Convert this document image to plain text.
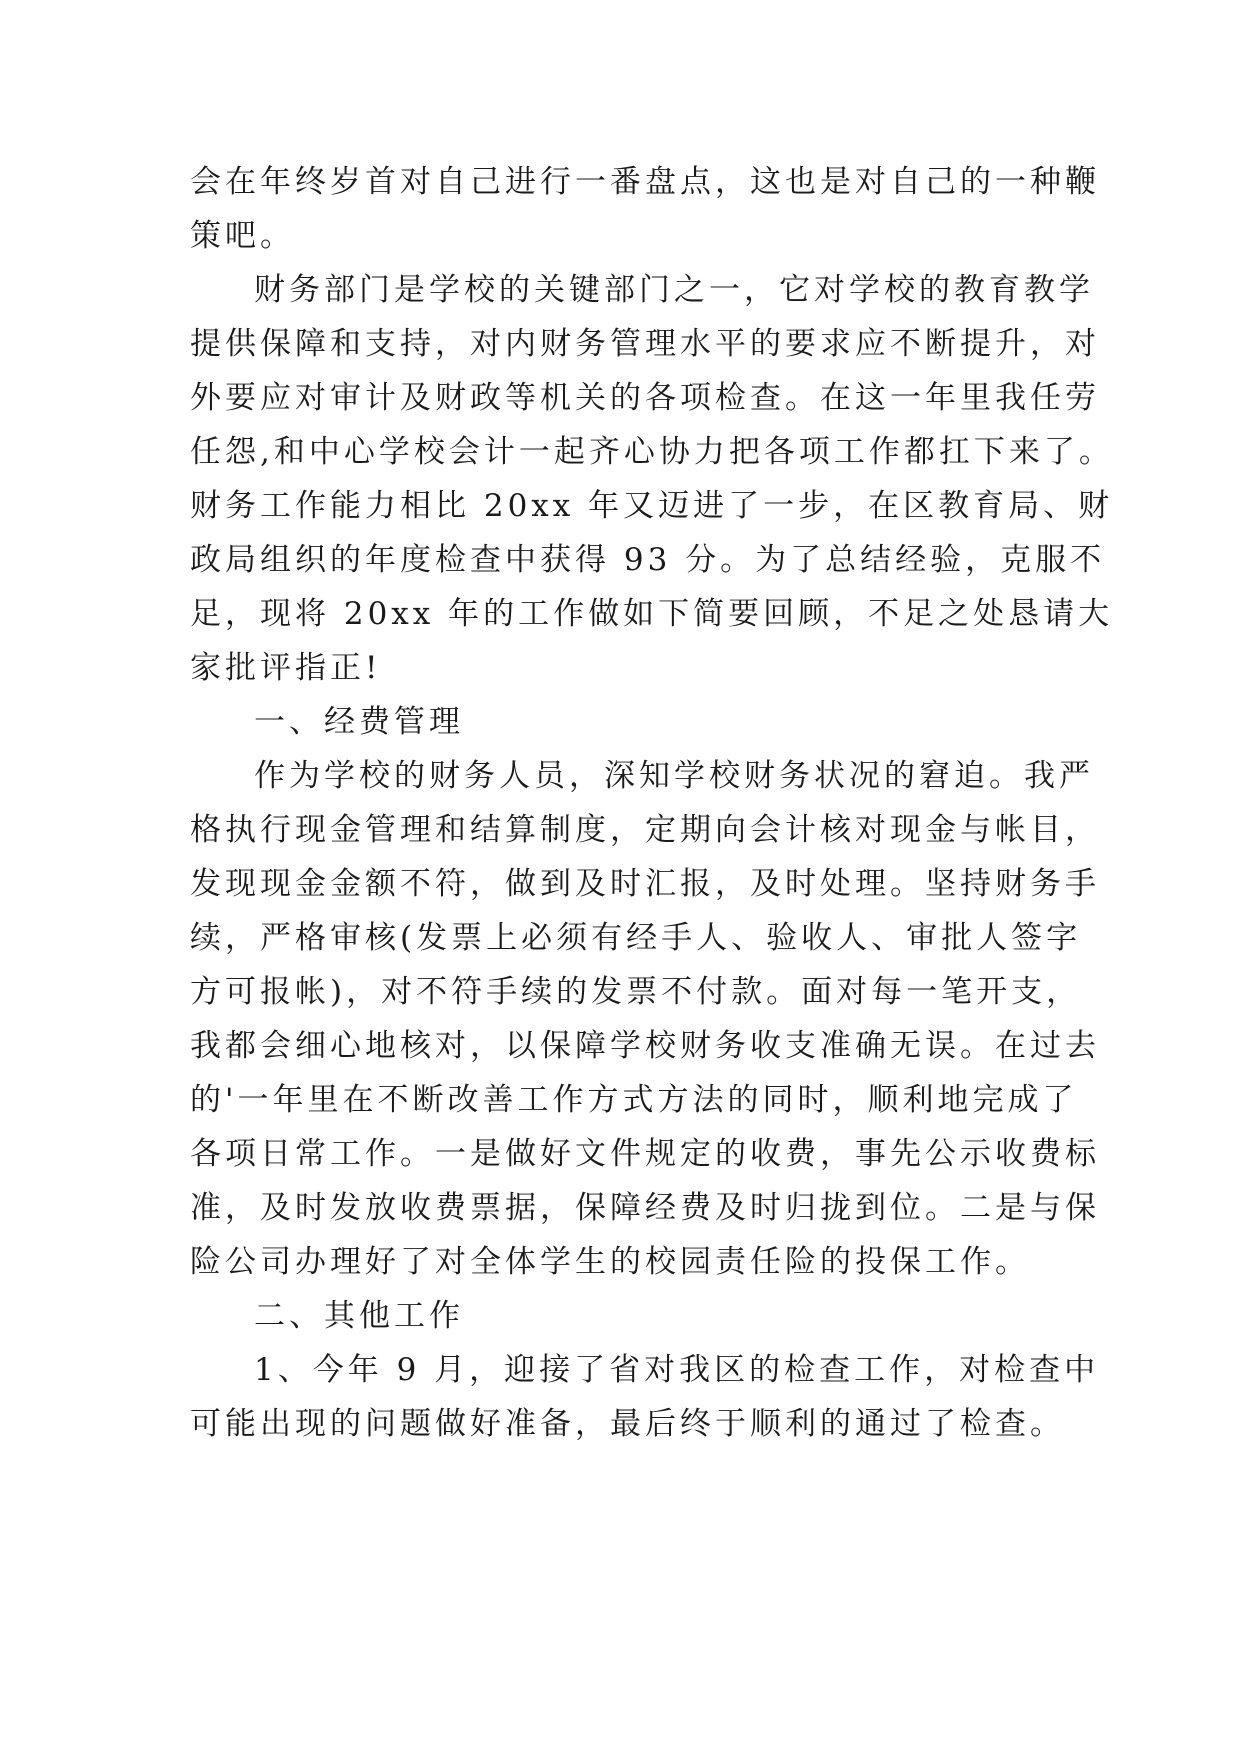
会在年终岁首对自己进行一番盘点，这也是对自己的一种鞭
策吧。
财务部门是学校的关键部门之一，它对学校的教育教学
提供保障和支持，对内财务管理水平的要求应不断提升，对
外要应对审计及财政等机关的各项检查。在这一年里我任劳
任怨,和中心学校会计一起齐心协力把各项工作都扛下来了。
财务工作能力相比 20xx 年又迈进了一步，在区教育局、财
政局组织的年度检查中获得 93 分。为了总结经验，克服不
足，现将 20xx 年的工作做如下简要回顾，不足之处恳请大
家批评指正!
一、经费管理
作为学校的财务人员，深知学校财务状况的窘迫。我严
格执行现金管理和结算制度，定期向会计核对现金与帐目，
发现现金金额不符，做到及时汇报，及时处理。坚持财务手
续，严格审核(发票上必须有经手人、验收人、审批人签字
方可报帐)，对不符手续的发票不付款。面对每一笔开支，
我都会细心地核对，以保障学校财务收支准确无误。在过去
的'一年里在不断改善工作方式方法的同时，顺利地完成了
各项日常工作。一是做好文件规定的收费，事先公示收费标
准，及时发放收费票据，保障经费及时归拢到位。二是与保
险公司办理好了对全体学生的校园责任险的投保工作。
二、其他工作
1、今年 9 月，迎接了省对我区的检查工作，对检查中
可能出现的问题做好准备，最后终于顺利的通过了检查。
